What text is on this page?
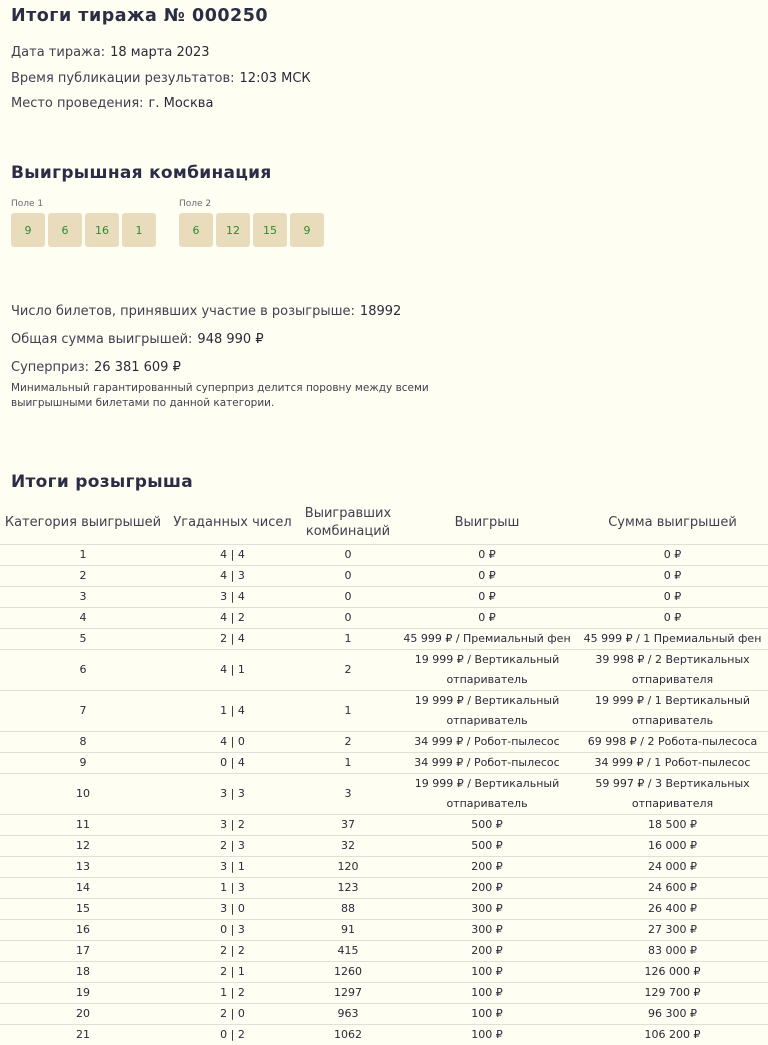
Итоги тиража № 000250
Дата тиража: 18 марта 2023
Время публикации результатов: 12:03 МСК
Место проведения: г. Москва
Выигрышная комбинация
Поле 1
9	6	16	1
Поле 2
6	12	15	9
Число билетов, принявших участие в розыгрыше: 18992
Общая сумма выигрышей: 948 990 ₽
Суперприз: 26 381 609 ₽
Минимальный гарантированный суперприз делится поровну между всеми выигрышными билетами по данной категории.
Итоги розыгрыша
Категория выигрышей	Угаданных чисел	Выигравших комбинаций	Выигрыш	Сумма выигрышей
1	4 | 4	0	0 ₽	0 ₽
2	4 | 3	0	0 ₽	0 ₽
3	3 | 4	0	0 ₽	0 ₽
4	4 | 2	0	0 ₽	0 ₽
5	2 | 4	1	45 999 ₽ / Премиальный фен	45 999 ₽ / 1 Премиальный фен
6	4 | 1	2	19 999 ₽ / Вертикальный отпариватель	39 998 ₽ / 2 Вертикальных отпаривателя
7	1 | 4	1	19 999 ₽ / Вертикальный отпариватель	19 999 ₽ / 1 Вертикальный отпариватель
8	4 | 0	2	34 999 ₽ / Робот-пылесос	69 998 ₽ / 2 Робота-пылесоса
9	0 | 4	1	34 999 ₽ / Робот-пылесос	34 999 ₽ / 1 Робот-пылесос
10	3 | 3	3	19 999 ₽ / Вертикальный отпариватель	59 997 ₽ / 3 Вертикальных отпаривателя
11	3 | 2	37	500 ₽	18 500 ₽
12	2 | 3	32	500 ₽	16 000 ₽
13	3 | 1	120	200 ₽	24 000 ₽
14	1 | 3	123	200 ₽	24 600 ₽
15	3 | 0	88	300 ₽	26 400 ₽
16	0 | 3	91	300 ₽	27 300 ₽
17	2 | 2	415	200 ₽	83 000 ₽
18	2 | 1	1260	100 ₽	126 000 ₽
19	1 | 2	1297	100 ₽	129 700 ₽
20	2 | 0	963	100 ₽	96 300 ₽
21	0 | 2	1062	100 ₽	106 200 ₽
